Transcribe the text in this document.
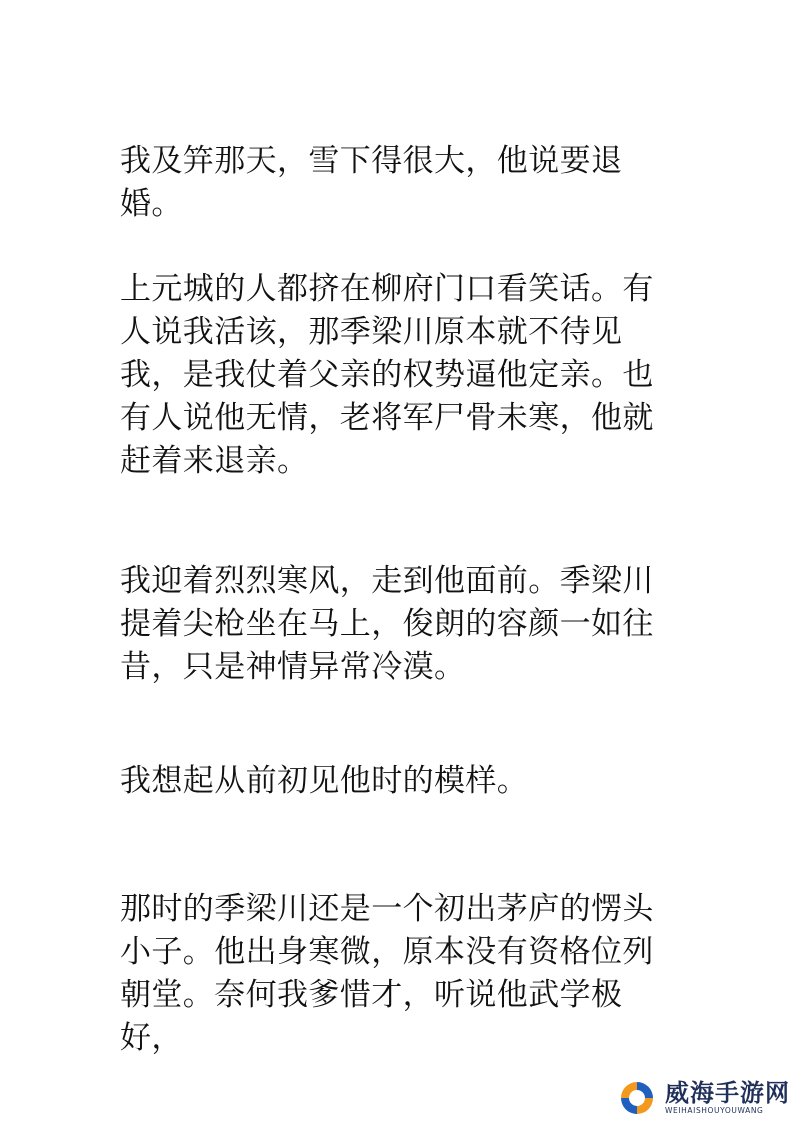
我及笄那天，雪下得很大，他说要退婚。

上元城的人都挤在柳府门口看笑话。有人说我活该，那季梁川原本就不待见我，是我仗着父亲的权势逼他定亲。也有人说他无情，老将军尸骨未寒，他就赶着来退亲。

我迎着烈烈寒风，走到他面前。季梁川提着尖枪坐在马上，俊朗的容颜一如往昔，只是神情异常冷漠。

我想起从前初见他时的模样。

那时的季梁川还是一个初出茅庐的愣头小子。他出身寒微，原本没有资格位列朝堂。奈何我爹惜才，听说他武学极好，

威海手游网
WEIHAISHOUYOUWANG
